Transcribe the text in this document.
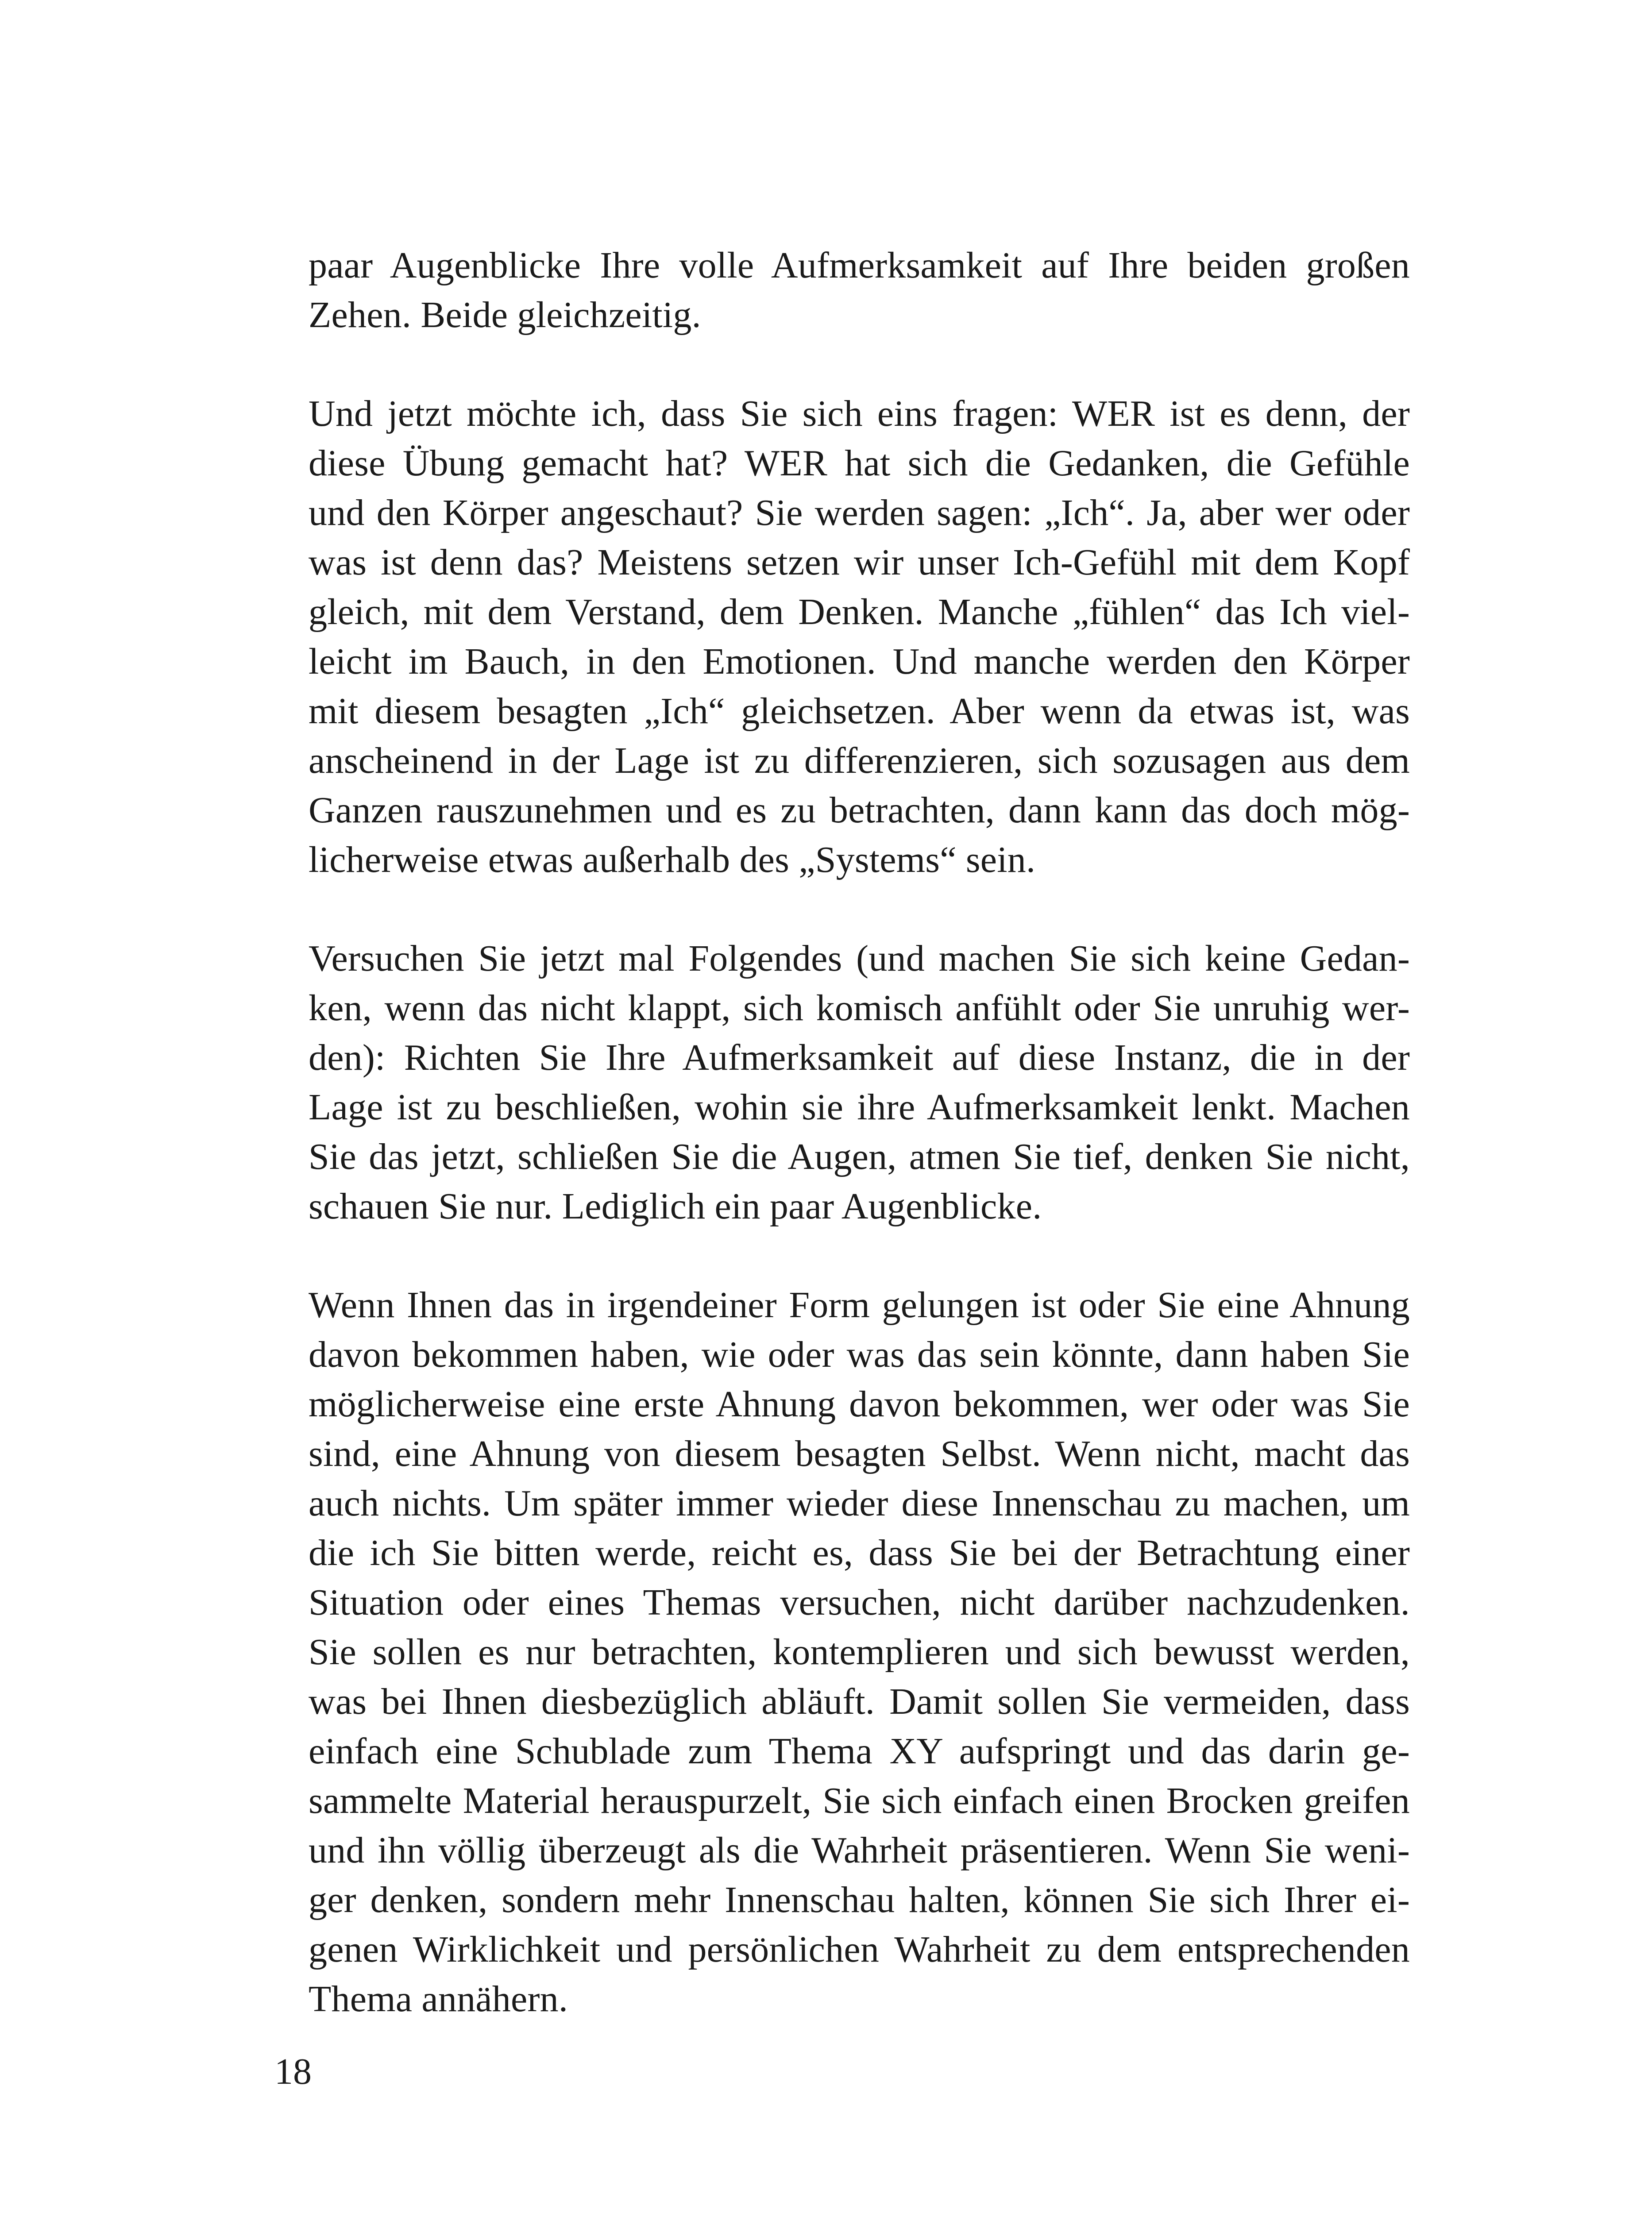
paar Augenblicke Ihre volle Aufmerksamkeit auf Ihre beiden großen
Zehen. Beide gleichzeitig.
Und jetzt möchte ich, dass Sie sich eins fragen: WER ist es denn, der
diese Übung gemacht hat? WER hat sich die Gedanken, die Gefühle
und den Körper angeschaut? Sie werden sagen: „Ich“. Ja, aber wer oder
was ist denn das? Meistens setzen wir unser Ich-Gefühl mit dem Kopf
gleich, mit dem Verstand, dem Denken. Manche „fühlen“ das Ich viel-
leicht im Bauch, in den Emotionen. Und manche werden den Körper
mit diesem besagten „Ich“ gleichsetzen. Aber wenn da etwas ist, was
anscheinend in der Lage ist zu differenzieren, sich sozusagen aus dem
Ganzen rauszunehmen und es zu betrachten, dann kann das doch mög-
licherweise etwas außerhalb des „Systems“ sein.
Versuchen Sie jetzt mal Folgendes (und machen Sie sich keine Gedan-
ken, wenn das nicht klappt, sich komisch anfühlt oder Sie unruhig wer-
den): Richten Sie Ihre Aufmerksamkeit auf diese Instanz, die in der
Lage ist zu beschließen, wohin sie ihre Aufmerksamkeit lenkt. Machen
Sie das jetzt, schließen Sie die Augen, atmen Sie tief, denken Sie nicht,
schauen Sie nur. Lediglich ein paar Augenblicke.
Wenn Ihnen das in irgendeiner Form gelungen ist oder Sie eine Ahnung
davon bekommen haben, wie oder was das sein könnte, dann haben Sie
möglicherweise eine erste Ahnung davon bekommen, wer oder was Sie
sind, eine Ahnung von diesem besagten Selbst. Wenn nicht, macht das
auch nichts. Um später immer wieder diese Innenschau zu machen, um
die ich Sie bitten werde, reicht es, dass Sie bei der Betrachtung einer
Situation oder eines Themas versuchen, nicht darüber nachzudenken.
Sie sollen es nur betrachten, kontemplieren und sich bewusst werden,
was bei Ihnen diesbezüglich abläuft. Damit sollen Sie vermeiden, dass
einfach eine Schublade zum Thema XY aufspringt und das darin ge-
sammelte Material herauspurzelt, Sie sich einfach einen Brocken greifen
und ihn völlig überzeugt als die Wahrheit präsentieren. Wenn Sie weni-
ger denken, sondern mehr Innenschau halten, können Sie sich Ihrer ei-
genen Wirklichkeit und persönlichen Wahrheit zu dem entsprechenden
Thema annähern.
18
